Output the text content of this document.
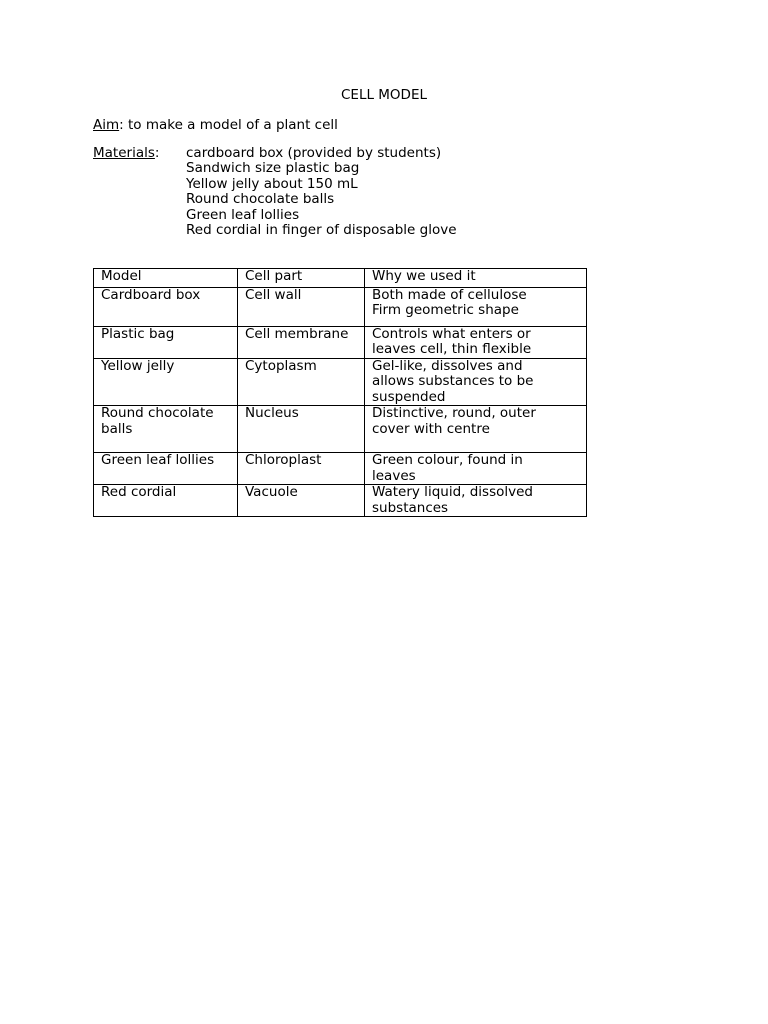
CELL MODEL
Aim: to make a model of a plant cell
Materials: cardboard box (provided by students)
Sandwich size plastic bag
Yellow jelly about 150 mL
Round chocolate balls
Green leaf lollies
Red cordial in finger of disposable glove
Model	Cell part	Why we used it
Cardboard box	Cell wall	Both made of cellulose
Firm geometric shape

Plastic bag	Cell membrane	Controls what enters or
leaves cell, thin flexible

Yellow jelly	Cytoplasm	Gel-like, dissolves and
allows substances to be
suspended

Round chocolate balls	Nucleus	Distinctive, round, outer
cover with centre

Green leaf lollies	Chloroplast	Green colour, found in
leaves

Red cordial	Vacuole	Watery liquid, dissolved
substances
